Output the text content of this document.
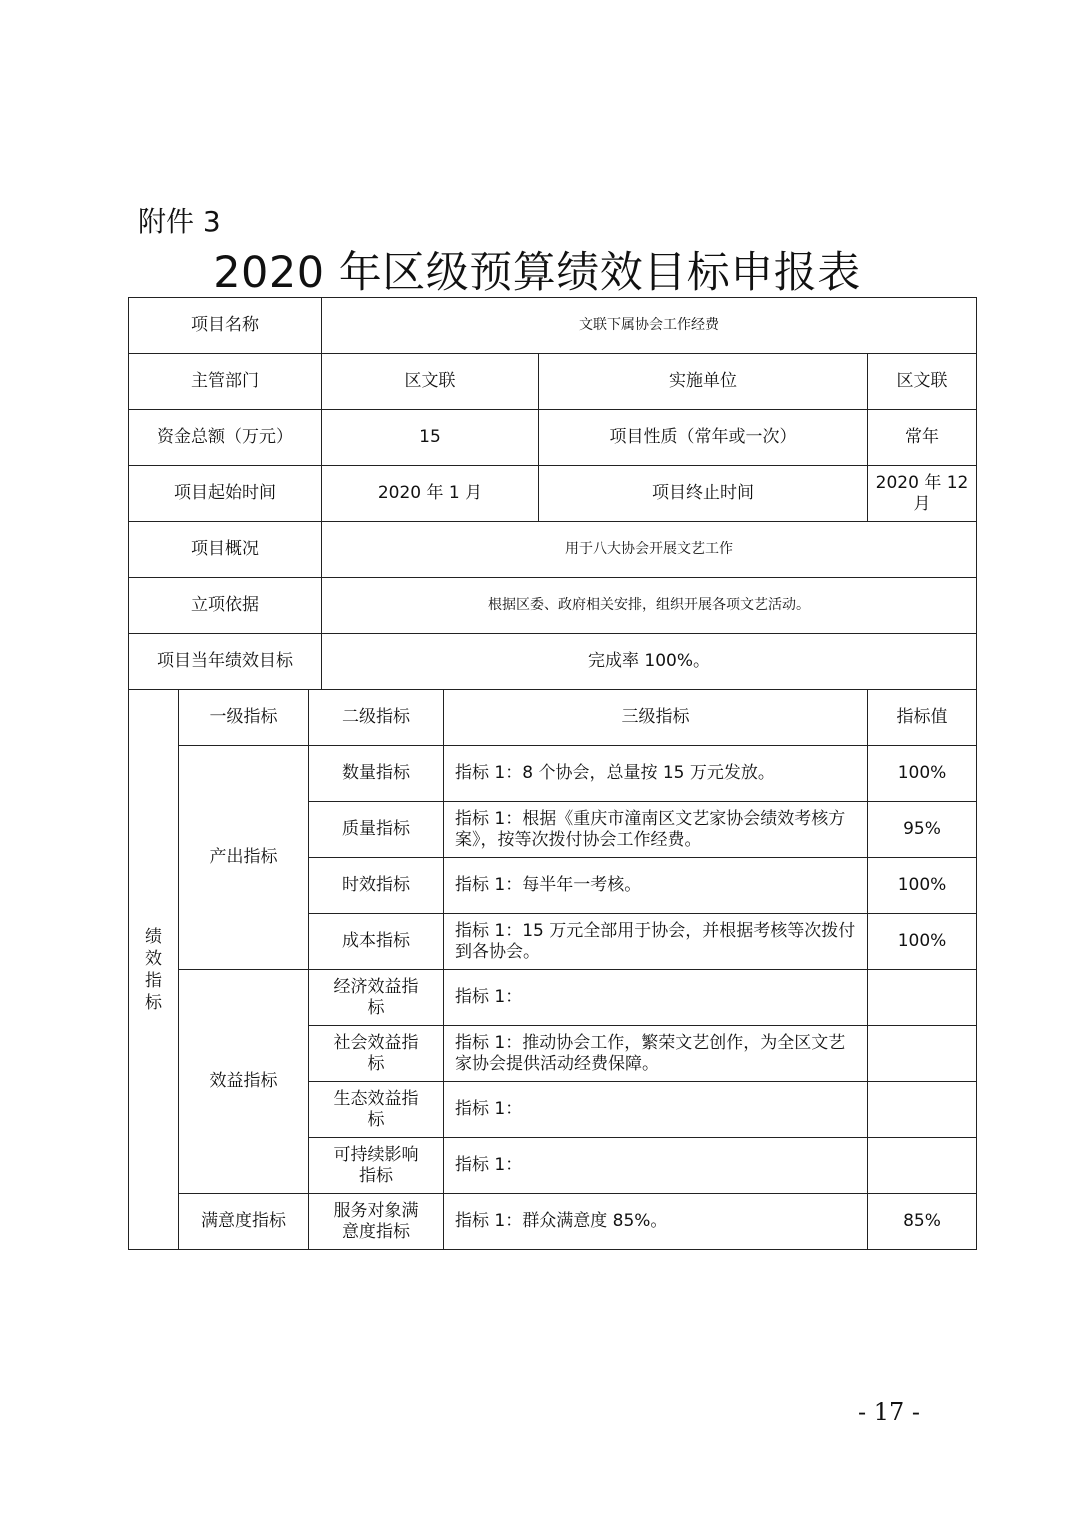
附件 3
2020 年区级预算绩效目标申报表
项目名称			文联下属协会工作经费			
主管部门			区文联		实施单位	区文联
资金总额（万元）			15		项目性质（常年或一次）	常年
项目起始时间			2020 年 1 月		项目终止时间	2020 年 12 月
项目概况			用于八大协会开展文艺工作			
立项依据			根据区委、政府相关安排，组织开展各项文艺活动。			
项目当年绩效目标			完成率 100%。			
绩效指标	一级指标	二级指标		三级指标		指标值
	产出指标	数量指标		指标 1：8 个协会，总量按 15 万元发放。		100%
		质量指标		指标 1：根据《重庆市潼南区文艺家协会绩效考核方案》，按等次拨付协会工作经费。		95%
		时效指标		指标 1：每半年一考核。		100%
		成本指标		指标 1：15 万元全部用于协会，并根据考核等次拨付到各协会。		100%
	效益指标	经济效益指标		指标 1：		
		社会效益指标		指标 1：推动协会工作，繁荣文艺创作，为全区文艺家协会提供活动经费保障。		
		生态效益指标		指标 1：		
		可持续影响指标		指标 1：		
	满意度指标	服务对象满意度指标		指标 1：群众满意度 85%。		85%
- 17 -
